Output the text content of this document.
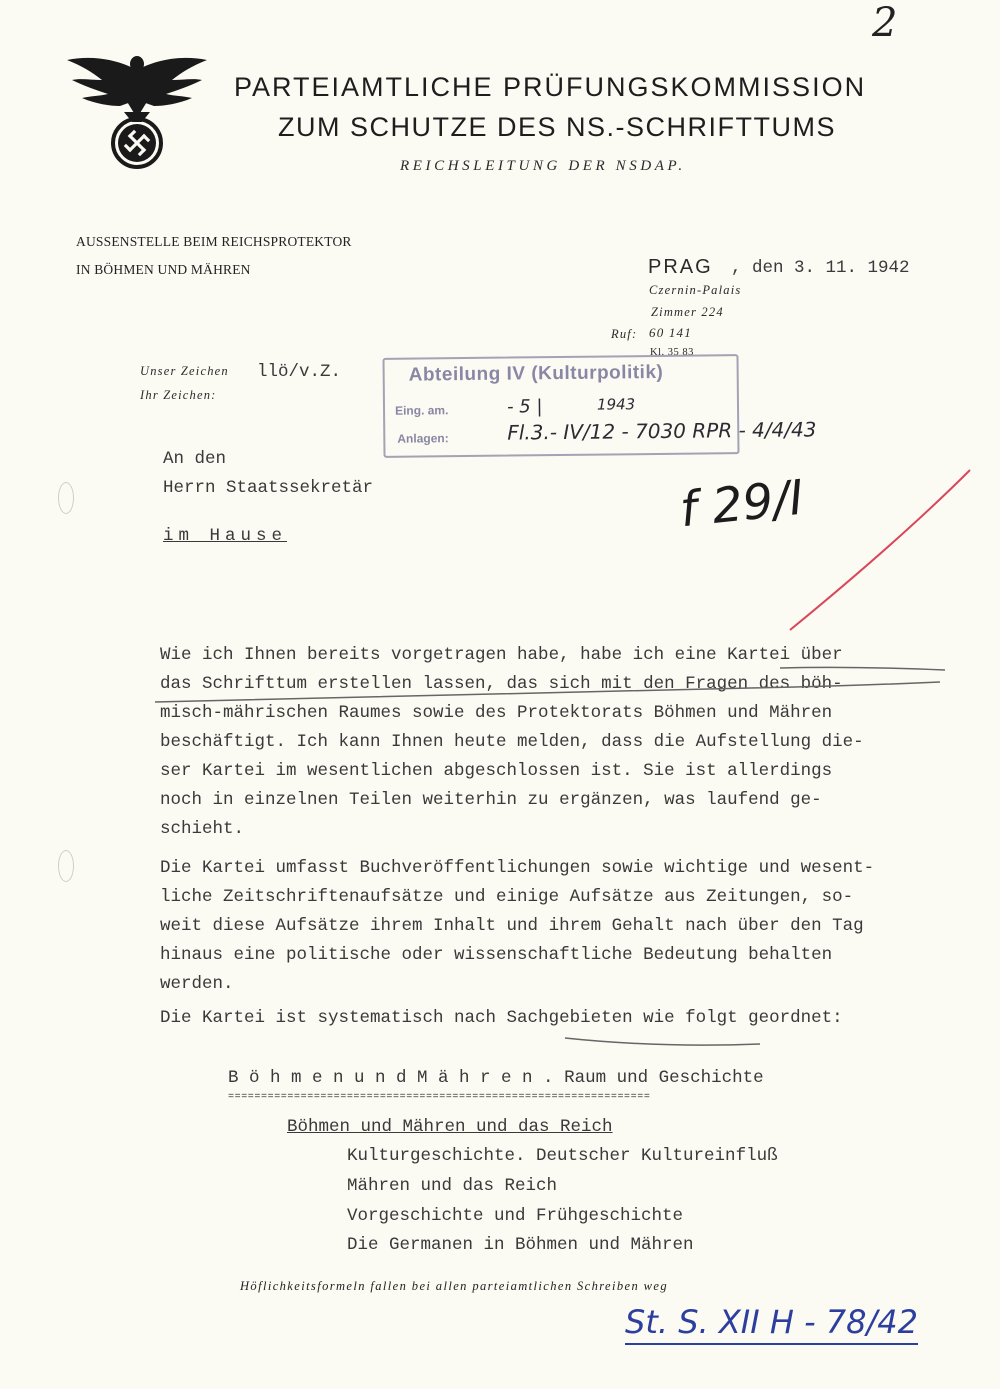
2
PARTEIAMTLICHE PRÜFUNGSKOMMISSION
ZUM SCHUTZE DES NS.-SCHRIFTTUMS
REICHSLEITUNG DER NSDAP.
AUSSENSTELLE BEIM REICHSPROTEKTOR
IN BÖHMEN UND MÄHREN	PRAG , den 3. 11. 1942
Czernin-Palais
Zimmer 224
Ruf: 60 141
Kl. 35 83
Unser Zeichen llö/v.Z.
Ihr Zeichen:
Abteilung IV (Kulturpolitik)
Eing. am.	- 5 |	1943
Anlagen:	Fl.3.- IV/12 - 7030 RPR - 4/4/43
f 29/I
An den
Herrn Staatssekretär
im Hause
Wie ich Ihnen bereits vorgetragen habe, habe ich eine Kartei über
das Schrifttum erstellen lassen, das sich mit den Fragen des böh-
misch-mährischen Raumes sowie des Protektorats Böhmen und Mähren
beschäftigt. Ich kann Ihnen heute melden, dass die Aufstellung die-
ser Kartei im wesentlichen abgeschlossen ist. Sie ist allerdings
noch in einzelnen Teilen weiterhin zu ergänzen, was laufend ge-
schieht.
Die Kartei umfasst Buchveröffentlichungen sowie wichtige und wesent-
liche Zeitschriftenaufsätze und einige Aufsätze aus Zeitungen, so-
weit diese Aufsätze ihrem Inhalt und ihrem Gehalt nach über den Tag
hinaus eine politische oder wissenschaftliche Bedeutung behalten
werden.
Die Kartei ist systematisch nach Sachgebieten wie folgt geordnet:
B ö h m e n u n d M ä h r e n . Raum und Geschichte
================================================================
Böhmen und Mähren und das Reich
Kulturgeschichte. Deutscher Kultureinfluß
Mähren und das Reich
Vorgeschichte und Frühgeschichte
Die Germanen in Böhmen und Mähren
Höflichkeitsformeln fallen bei allen parteiamtlichen Schreiben weg
St. S. XII H - 78/42
